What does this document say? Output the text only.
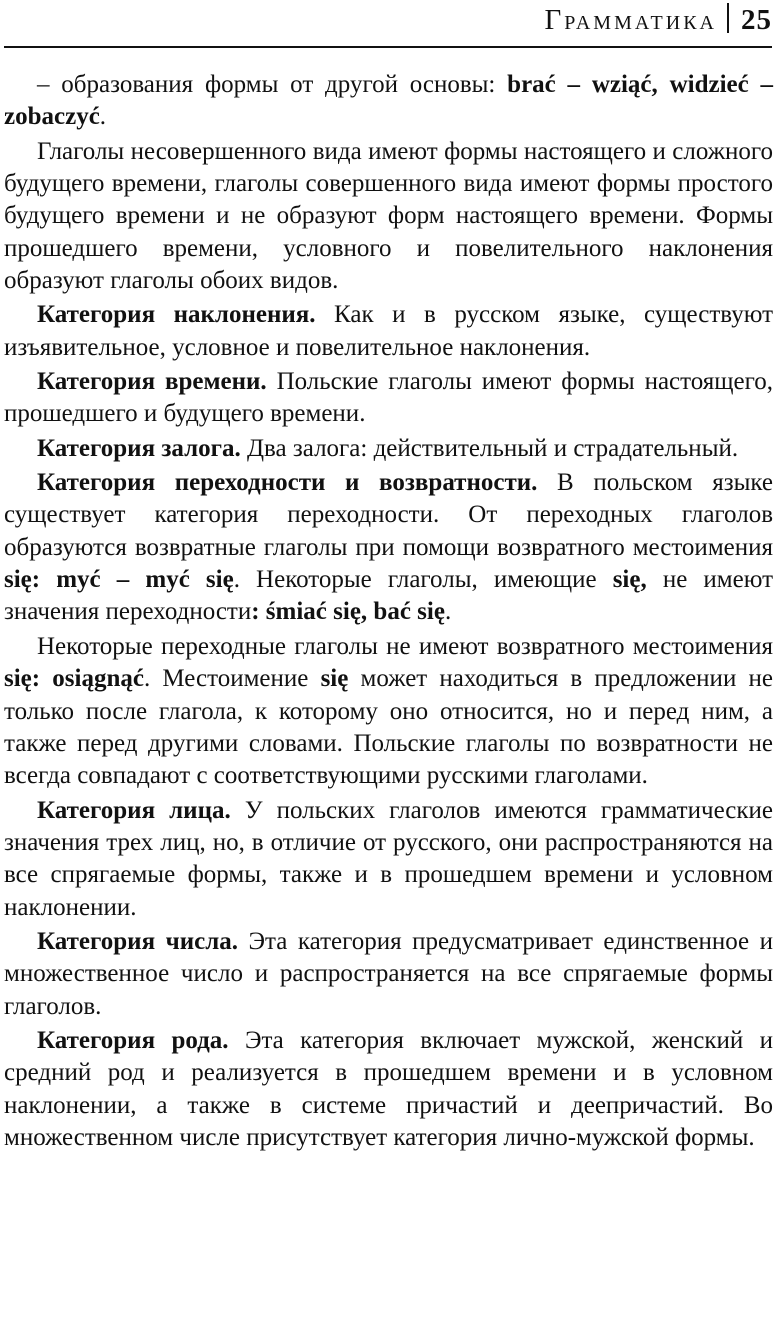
Грамматика 25

– образования формы от другой основы: brać – wziąć, widzieć – zobaczyć.

Глаголы несовершенного вида имеют формы настоящего и сложного будущего времени, глаголы совершенного вида имеют формы простого будущего времени и не образуют форм настоящего времени. Формы прошедшего времени, условного и повелительного наклонения образуют глаголы обоих видов.

Категория наклонения. Как и в русском языке, существуют изъявительное, условное и повелительное наклонения.

Категория времени. Польские глаголы имеют формы настоящего, прошедшего и будущего времени.

Категория залога. Два залога: действительный и страдательный.

Категория переходности и возвратности. В польском языке существует категория переходности. От переходных глаголов образуются возвратные глаголы при помощи возвратного местоимения się: myć – myć się. Некоторые глаголы, имеющие się, не имеют значения переходности: śmiać się, bać się.

Некоторые переходные глаголы не имеют возвратного местоимения się: osiągnąć. Местоимение się может находиться в предложении не только после глагола, к которому оно относится, но и перед ним, а также перед другими словами. Польские глаголы по возвратности не всегда совпадают с соответствующими русскими глаголами.

Категория лица. У польских глаголов имеются грамматические значения трех лиц, но, в отличие от русского, они распространяются на все спрягаемые формы, также и в прошедшем времени и условном наклонении.

Категория числа. Эта категория предусматривает единственное и множественное число и распространяется на все спрягаемые формы глаголов.

Категория рода. Эта категория включает мужской, женский и средний род и реализуется в прошедшем времени и в условном наклонении, а также в системе причастий и деепричастий. Во множественном числе присутствует категория лично-мужской формы.
